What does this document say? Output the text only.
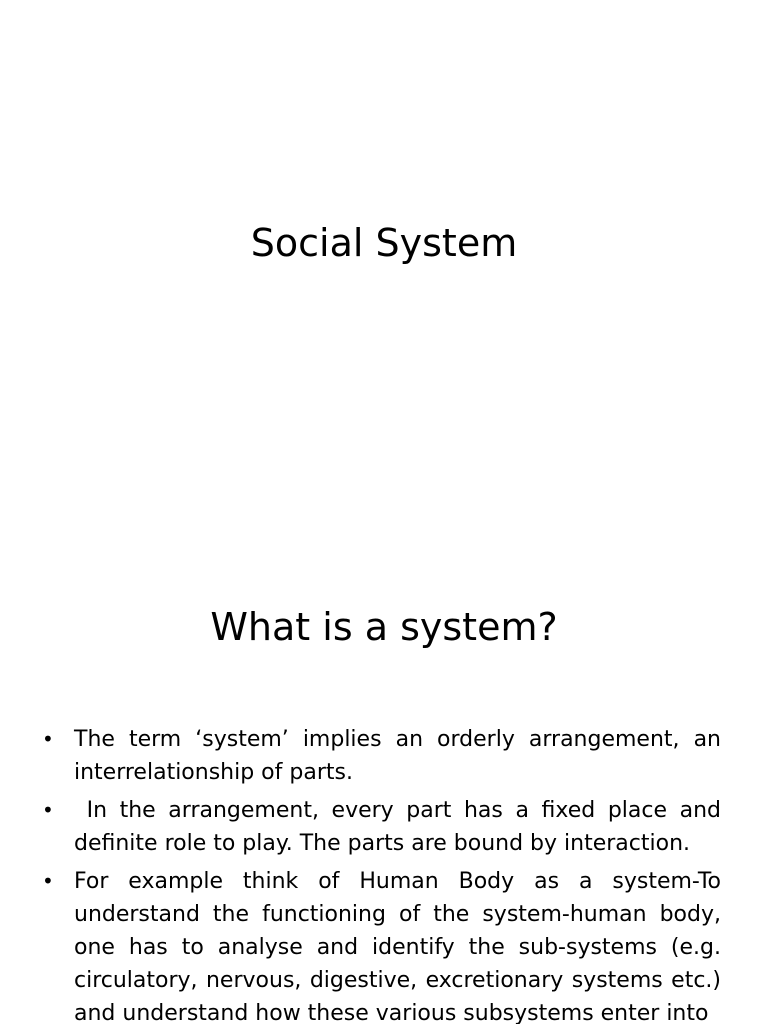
Social System
What is a system?
• The term ‘system’ implies an orderly arrangement, an interrelationship of parts.
• In the arrangement, every part has a fixed place and definite role to play. The parts are bound by interaction.
• For example think of Human Body as a system-To understand the functioning of the system-human body, one has to analyse and identify the sub-systems (e.g. circulatory, nervous, digestive, excretionary systems etc.) and understand how these various subsystems enter into
